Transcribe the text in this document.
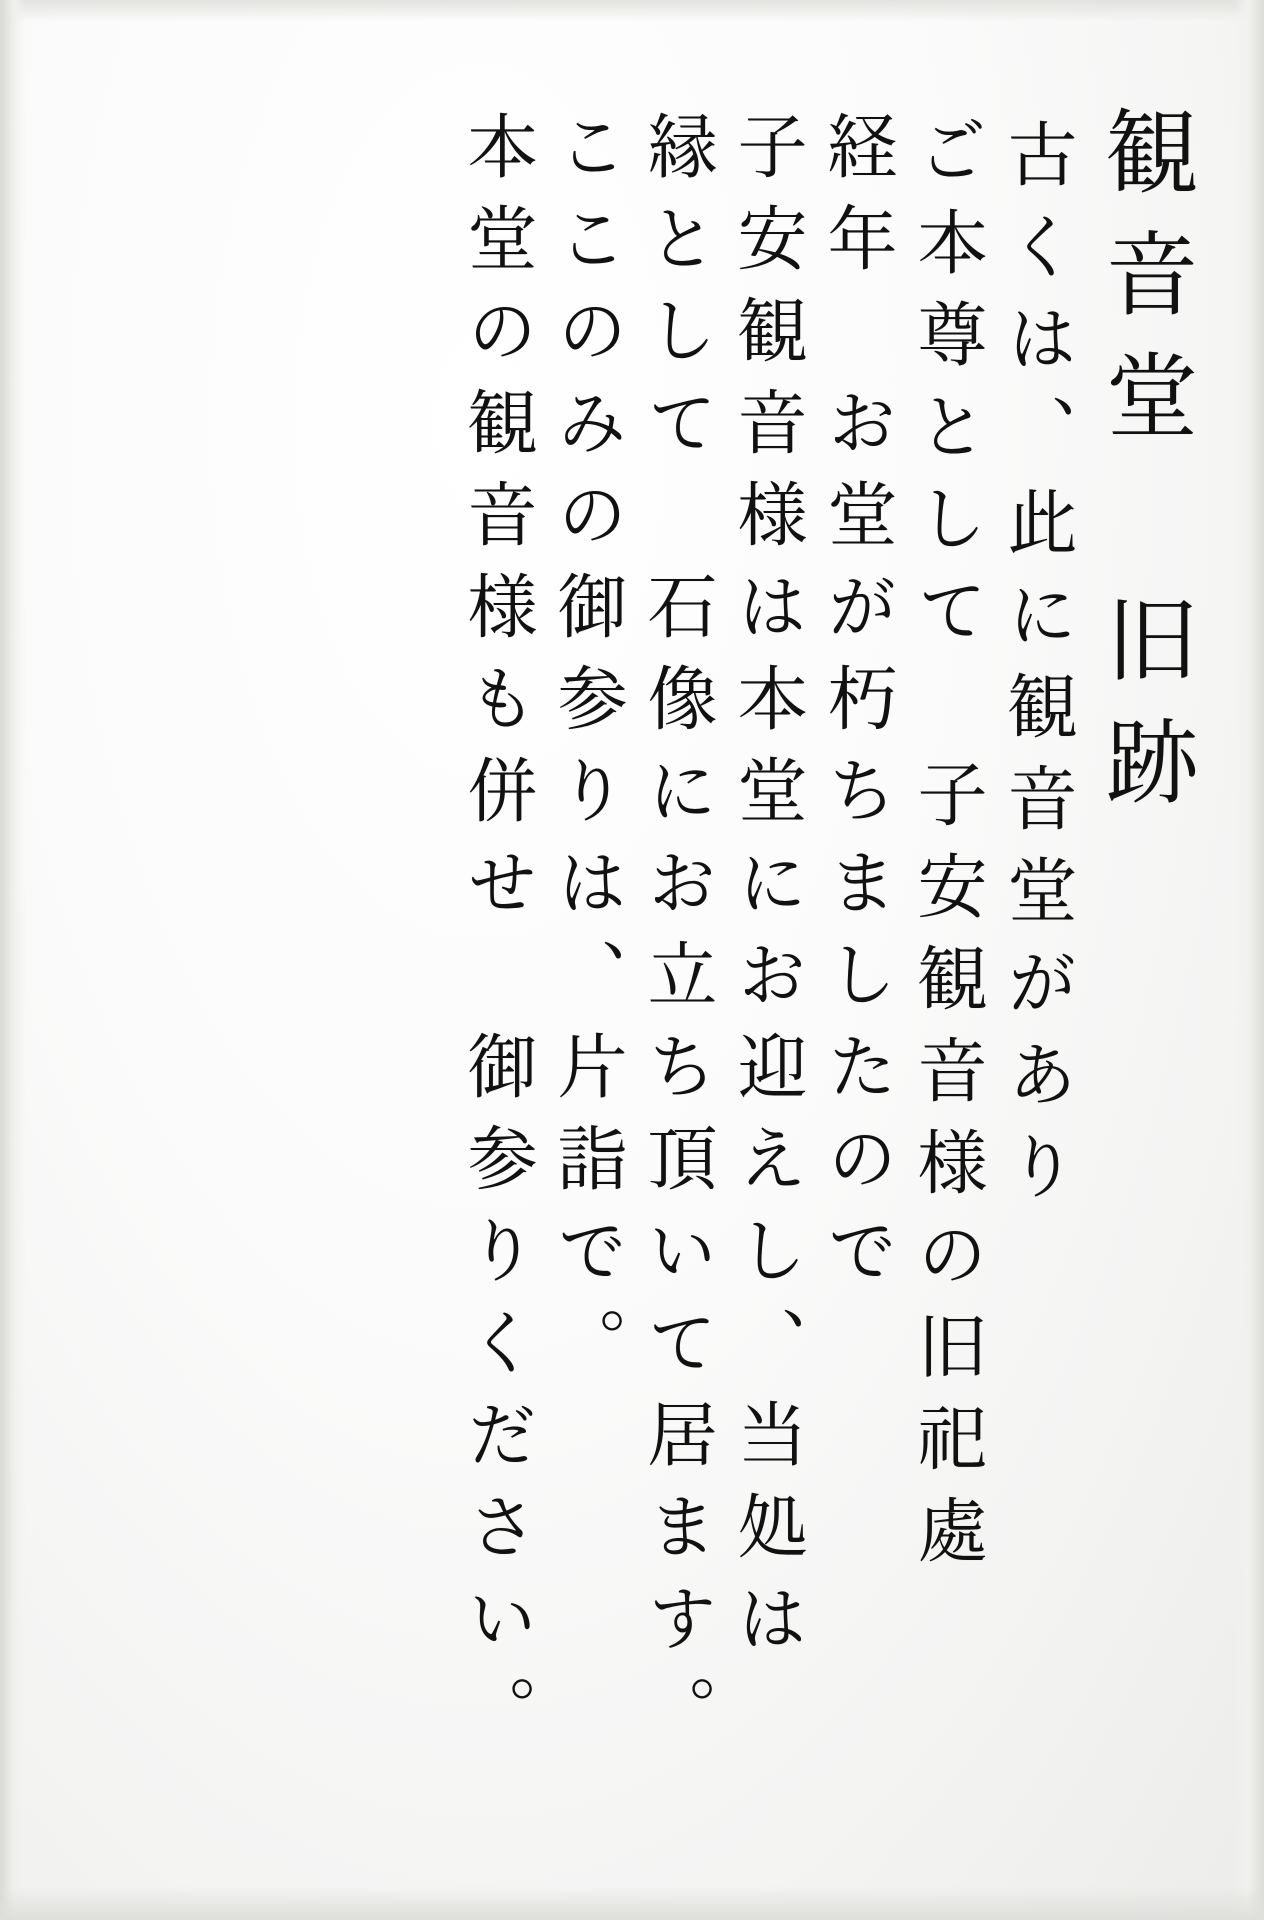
観音堂　旧跡
古くは、此に観音堂があり
ご本尊として　子安観音様の旧祀處
経年　お堂が朽ちましたので
子安観音様は本堂にお迎えし、当処は
縁として　石像にお立ち頂いて居ます。
ここのみの御参りは、片詣で。
本堂の観音様も併せ　御参りください。
